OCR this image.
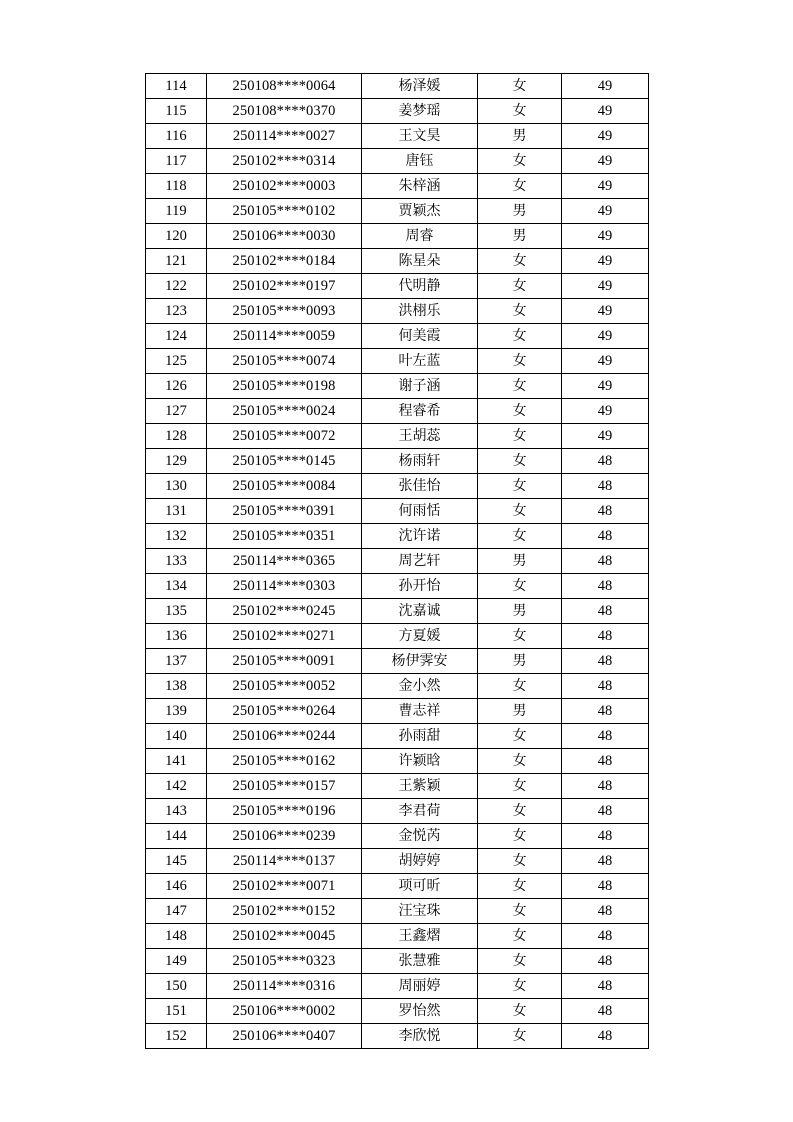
114	250108****0064	杨泽媛	女	49
115	250108****0370	姜梦瑶	女	49
116	250114****0027	王文昊	男	49
117	250102****0314	唐钰	女	49
118	250102****0003	朱梓涵	女	49
119	250105****0102	贾颖杰	男	49
120	250106****0030	周睿	男	49
121	250102****0184	陈星朵	女	49
122	250102****0197	代明静	女	49
123	250105****0093	洪栩乐	女	49
124	250114****0059	何美霞	女	49
125	250105****0074	叶左蓝	女	49
126	250105****0198	谢子涵	女	49
127	250105****0024	程睿希	女	49
128	250105****0072	王胡蕊	女	49
129	250105****0145	杨雨轩	女	48
130	250105****0084	张佳怡	女	48
131	250105****0391	何雨恬	女	48
132	250105****0351	沈许诺	女	48
133	250114****0365	周艺轩	男	48
134	250114****0303	孙开怡	女	48
135	250102****0245	沈嘉诚	男	48
136	250102****0271	方夏媛	女	48
137	250105****0091	杨伊霁安	男	48
138	250105****0052	金小然	女	48
139	250105****0264	曹志祥	男	48
140	250106****0244	孙雨甜	女	48
141	250105****0162	许颖晗	女	48
142	250105****0157	王紫颖	女	48
143	250105****0196	李君荷	女	48
144	250106****0239	金悦芮	女	48
145	250114****0137	胡婷婷	女	48
146	250102****0071	项可昕	女	48
147	250102****0152	汪宝珠	女	48
148	250102****0045	王鑫熠	女	48
149	250105****0323	张慧雅	女	48
150	250114****0316	周丽婷	女	48
151	250106****0002	罗怡然	女	48
152	250106****0407	李欣悦	女	48
